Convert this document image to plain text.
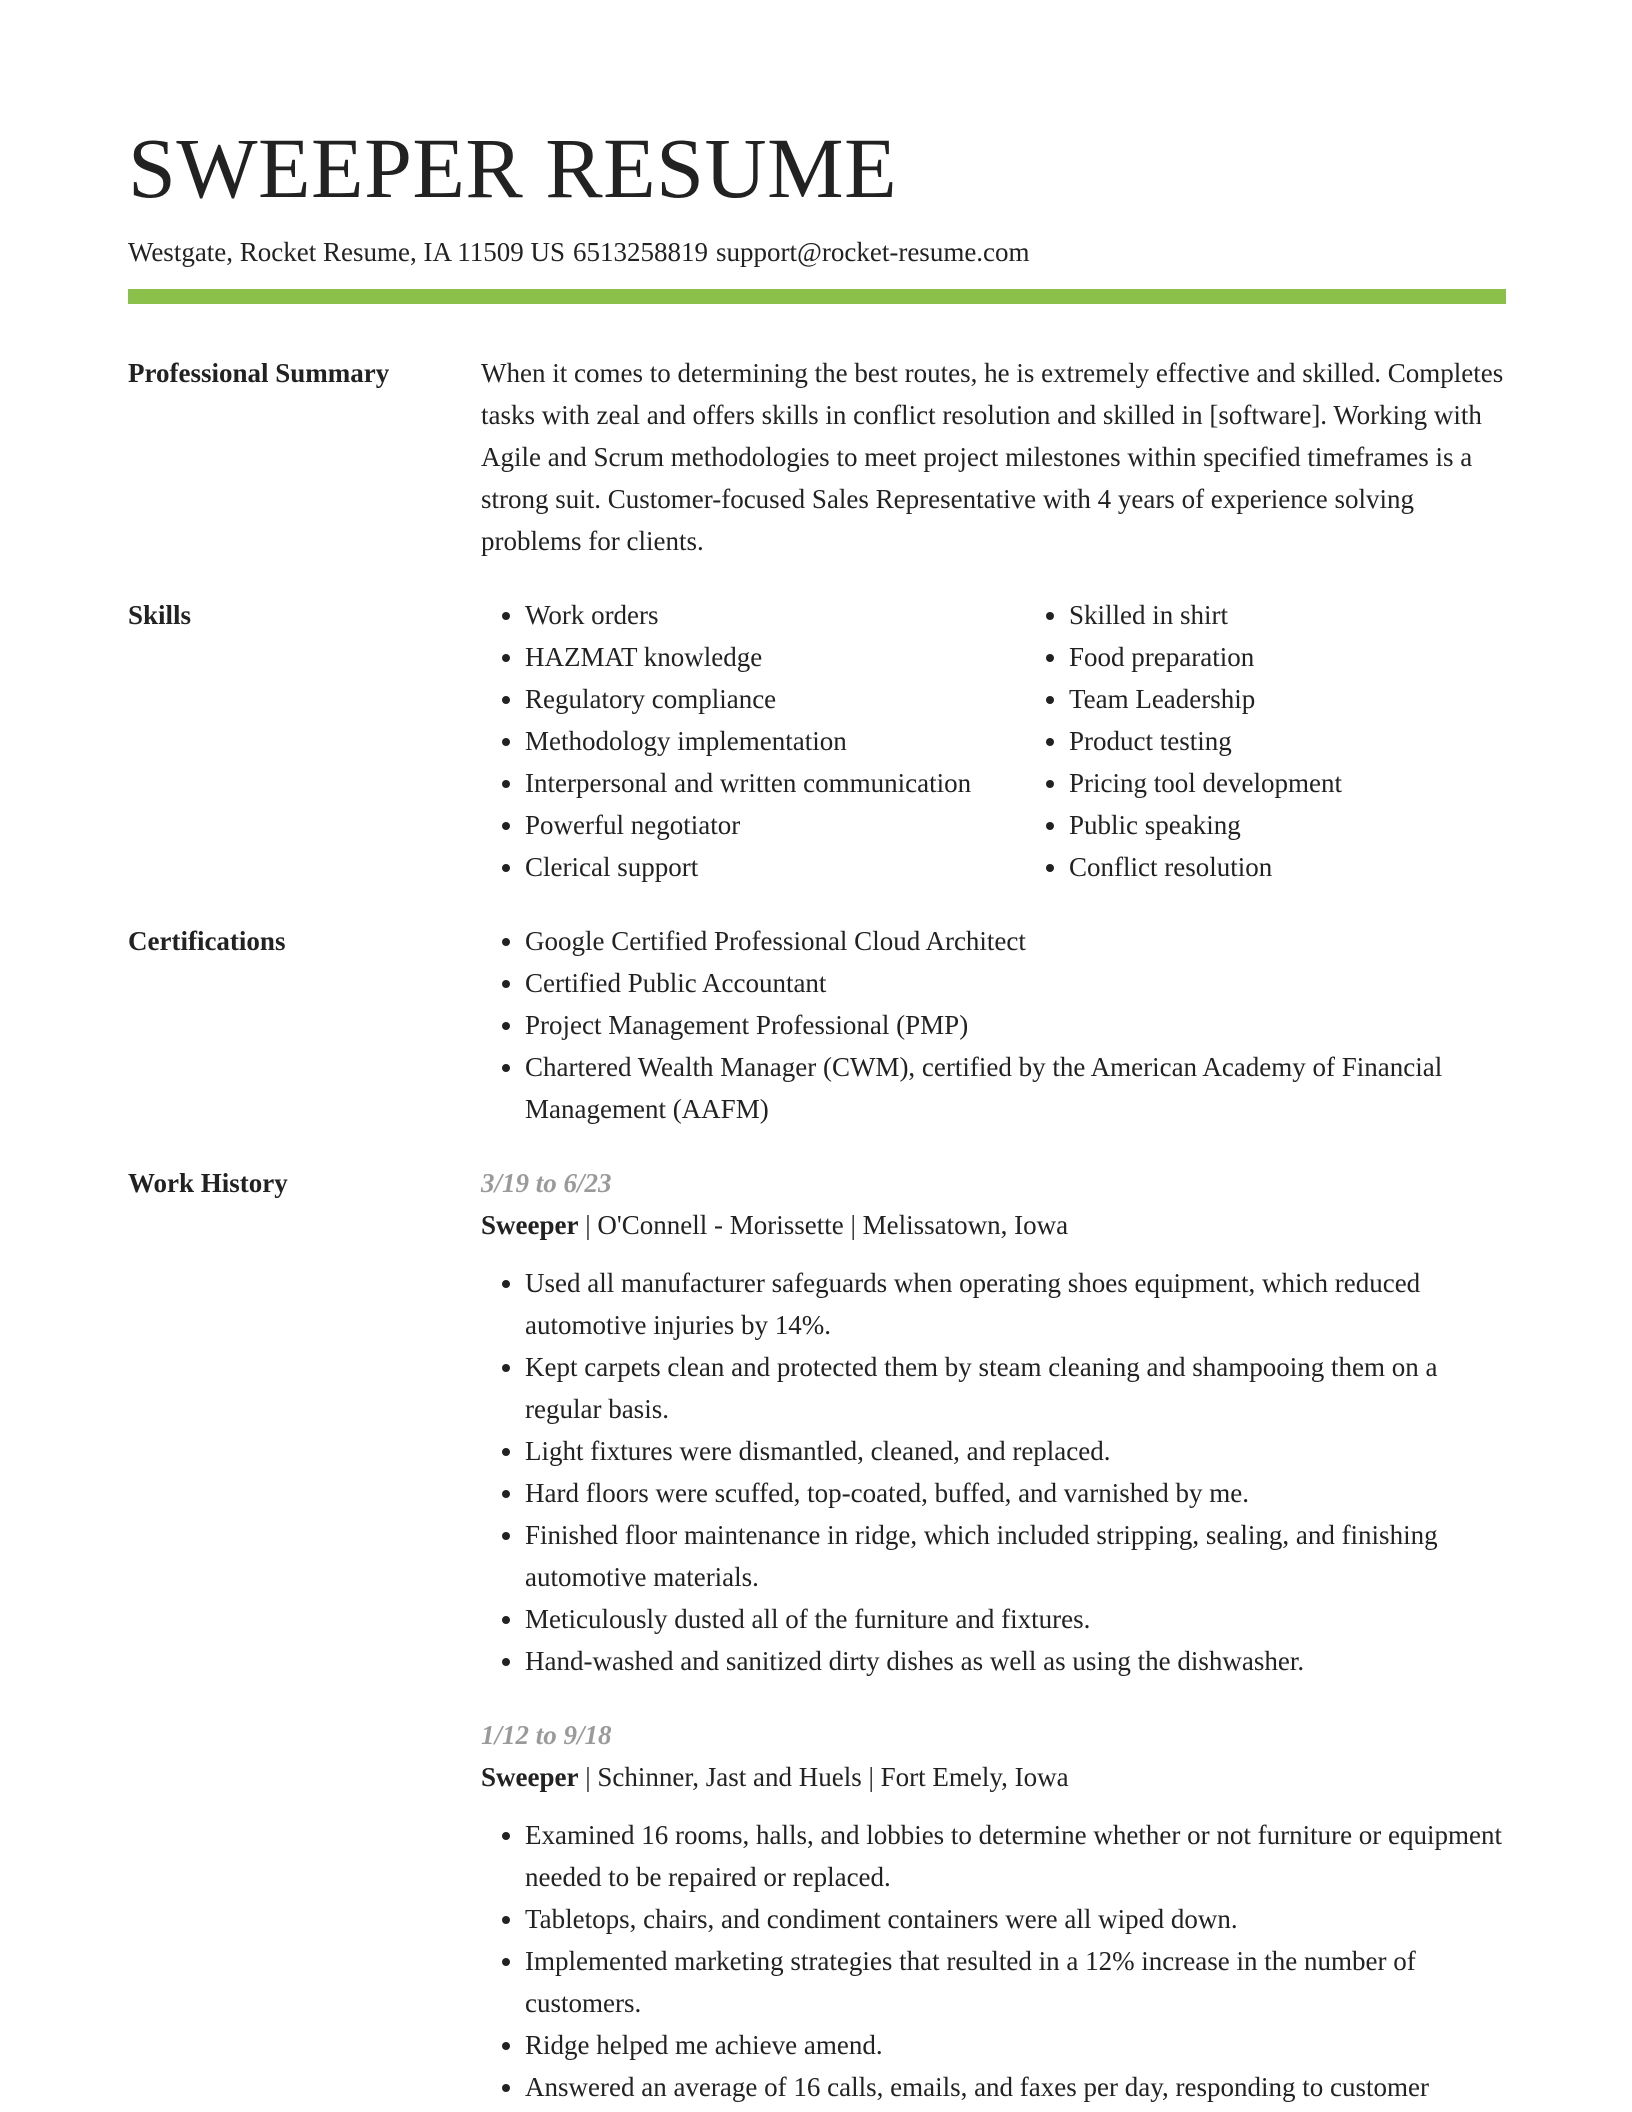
SWEEPER RESUME
Westgate, Rocket Resume, IA 11509 US 6513258819 support@rocket-resume.com
Professional Summary	When it comes to determining the best routes, he is extremely effective and skilled. Completes tasks with zeal and offers skills in conflict resolution and skilled in [software]. Working with Agile and Scrum methodologies to meet project milestones within specified timeframes is a strong suit. Customer-focused Sales Representative with 4 years of experience solving problems for clients.
Skills	• Work orders
• HAZMAT knowledge
• Regulatory compliance
• Methodology implementation
• Interpersonal and written communication
• Powerful negotiator
• Clerical support
• Skilled in shirt
• Food preparation
• Team Leadership
• Product testing
• Pricing tool development
• Public speaking
• Conflict resolution
Certifications	• Google Certified Professional Cloud Architect
• Certified Public Accountant
• Project Management Professional (PMP)
• Chartered Wealth Manager (CWM), certified by the American Academy of Financial Management (AAFM)
Work History	3/19 to 6/23
Sweeper | O'Connell - Morissette | Melissatown, Iowa
• Used all manufacturer safeguards when operating shoes equipment, which reduced automotive injuries by 14%.
• Kept carpets clean and protected them by steam cleaning and shampooing them on a regular basis.
• Light fixtures were dismantled, cleaned, and replaced.
• Hard floors were scuffed, top-coated, buffed, and varnished by me.
• Finished floor maintenance in ridge, which included stripping, sealing, and finishing automotive materials.
• Meticulously dusted all of the furniture and fixtures.
• Hand-washed and sanitized dirty dishes as well as using the dishwasher.
1/12 to 9/18
Sweeper | Schinner, Jast and Huels | Fort Emely, Iowa
• Examined 16 rooms, halls, and lobbies to determine whether or not furniture or equipment needed to be repaired or replaced.
• Tabletops, chairs, and condiment containers were all wiped down.
• Implemented marketing strategies that resulted in a 12% increase in the number of customers.
• Ridge helped me achieve amend.
• Answered an average of 16 calls, emails, and faxes per day, responding to customer
